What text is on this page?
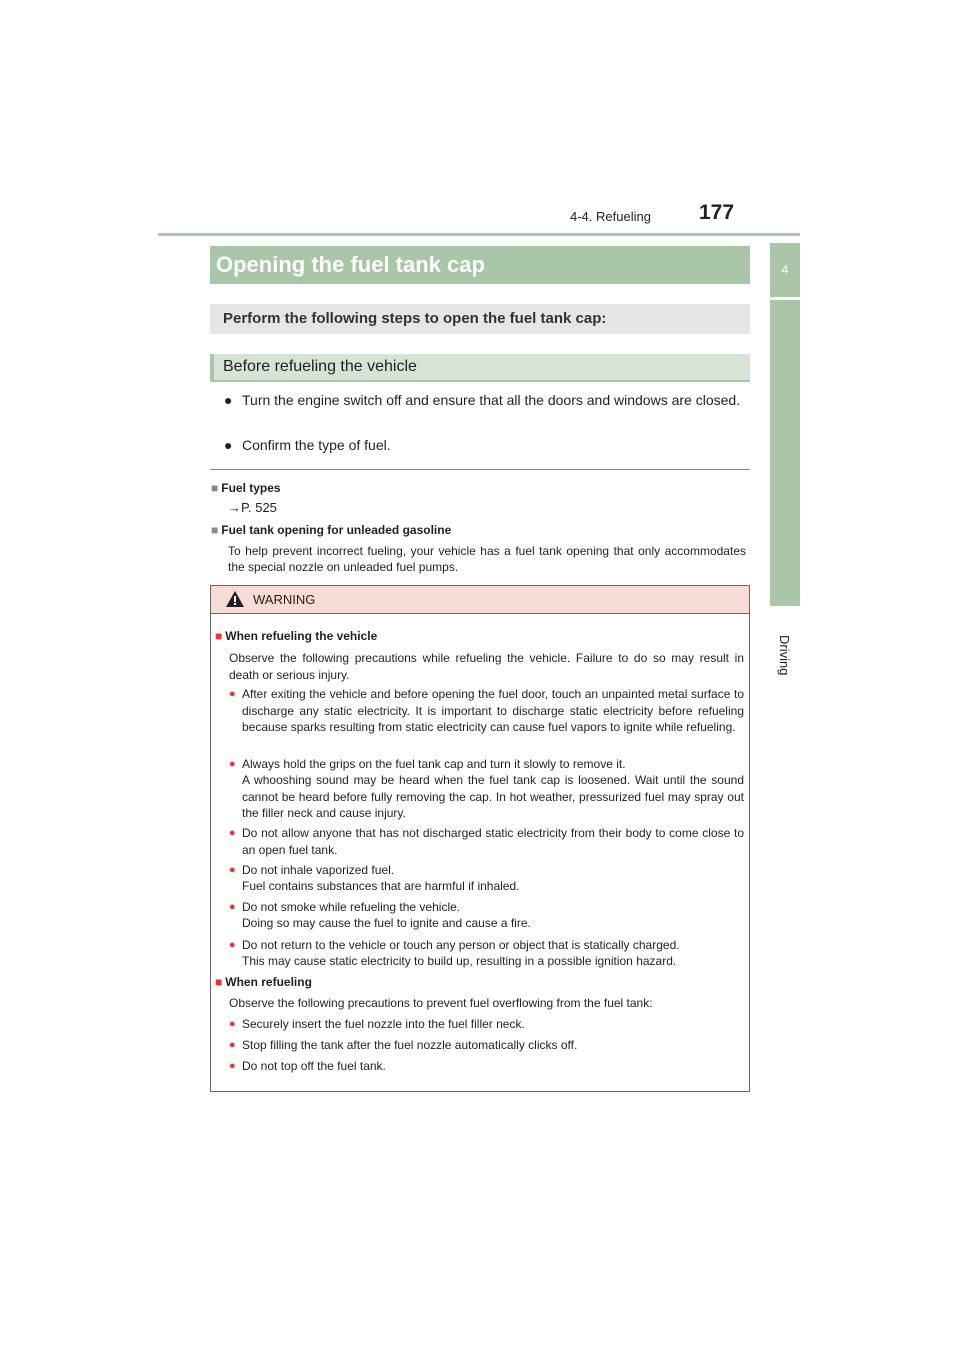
4-4. Refueling 177
4
Driving
Opening the fuel tank cap
Perform the following steps to open the fuel tank cap:
Before refueling the vehicle
● Turn the engine switch off and ensure that all the doors and windows are closed.
● Confirm the type of fuel.
■ Fuel types
→P. 525
■ Fuel tank opening for unleaded gasoline
To help prevent incorrect fueling, your vehicle has a fuel tank opening that only accommodates the special nozzle on unleaded fuel pumps.
WARNING
■ When refueling the vehicle
Observe the following precautions while refueling the vehicle. Failure to do so may result in death or serious injury.
● After exiting the vehicle and before opening the fuel door, touch an unpainted metal surface to discharge any static electricity. It is important to discharge static electricity before refueling because sparks resulting from static electricity can cause fuel vapors to ignite while refueling.
● Always hold the grips on the fuel tank cap and turn it slowly to remove it.
A whooshing sound may be heard when the fuel tank cap is loosened. Wait until the sound cannot be heard before fully removing the cap. In hot weather, pressurized fuel may spray out the filler neck and cause injury.
● Do not allow anyone that has not discharged static electricity from their body to come close to an open fuel tank.
● Do not inhale vaporized fuel.
Fuel contains substances that are harmful if inhaled.
● Do not smoke while refueling the vehicle.
Doing so may cause the fuel to ignite and cause a fire.
● Do not return to the vehicle or touch any person or object that is statically charged.
This may cause static electricity to build up, resulting in a possible ignition hazard.
■ When refueling
Observe the following precautions to prevent fuel overflowing from the fuel tank:
● Securely insert the fuel nozzle into the fuel filler neck.
● Stop filling the tank after the fuel nozzle automatically clicks off.
● Do not top off the fuel tank.
